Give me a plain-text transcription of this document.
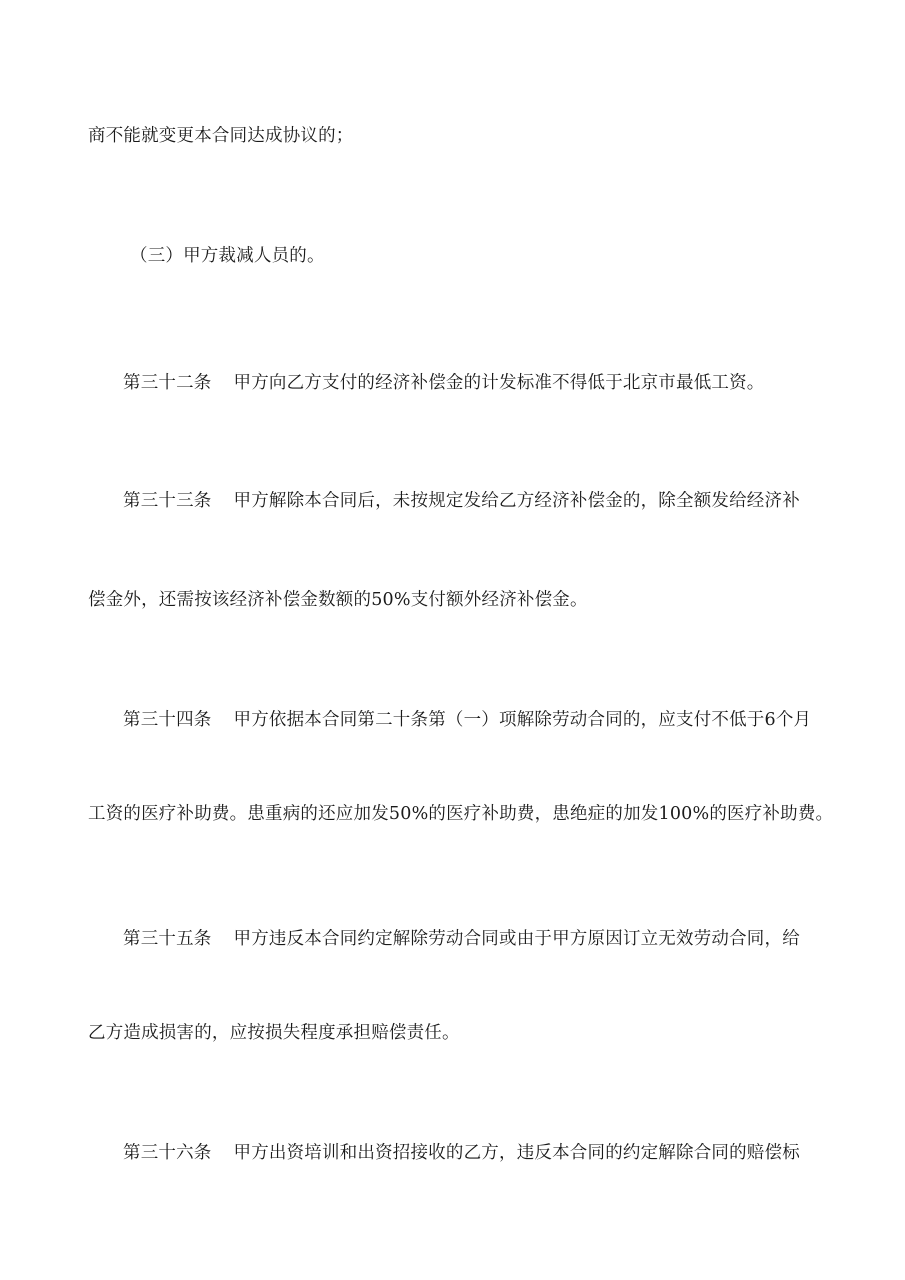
商不能就变更本合同达成协议的；
（三）甲方裁减人员的。
第三十二条 甲方向乙方支付的经济补偿金的计发标准不得低于北京市最低工资。
第三十三条 甲方解除本合同后，未按规定发给乙方经济补偿金的，除全额发给经济补
偿金外，还需按该经济补偿金数额的50%支付额外经济补偿金。
第三十四条 甲方依据本合同第二十条第（一）项解除劳动合同的，应支付不低于6个月
工资的医疗补助费。患重病的还应加发50%的医疗补助费，患绝症的加发100%的医疗补助费。
第三十五条 甲方违反本合同约定解除劳动合同或由于甲方原因订立无效劳动合同，给
乙方造成损害的，应按损失程度承担赔偿责任。
第三十六条 甲方出资培训和出资招接收的乙方，违反本合同的约定解除合同的赔偿标
